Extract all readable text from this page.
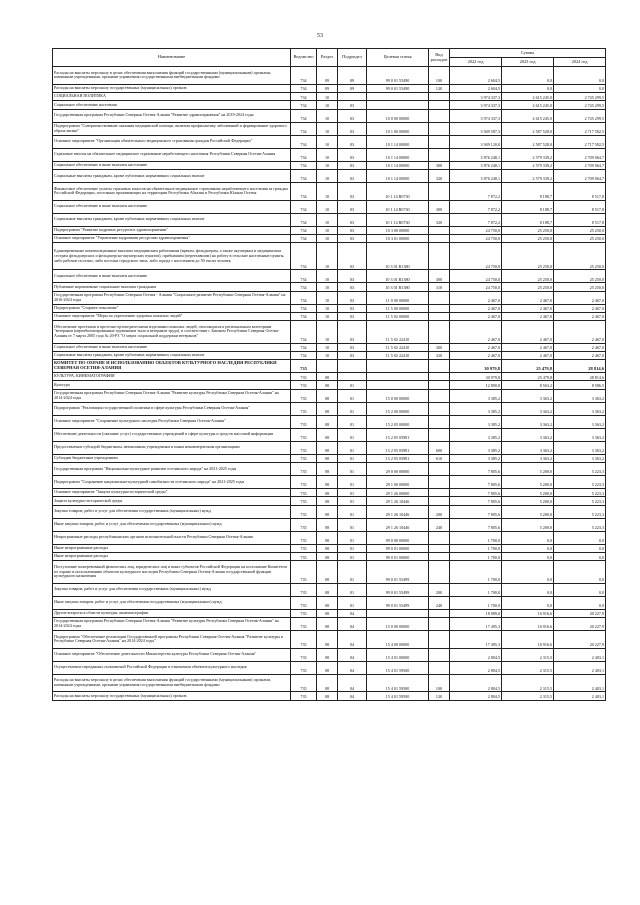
53
Наименование	Ведомство	Раздел	Подраздел	Целевая статья	Вид расходов	Суммы		
						2022 год	2023 год	2024 год
Расходы на выплаты персоналу в целях обеспечения выполнения функций государственными (муниципальными) органами, казенными учреждениями, органами управления государственными внебюджетными фондами	734	09	09	99 0 01 55490	100	2 604,5	0,0	0,0
Расходы на выплаты персоналу государственных (муниципальных) органов	734	09	09	99 0 01 55490	120	2 604,5	0,0	0,0
СОЦИАЛЬНАЯ ПОЛИТИКА	734	10				3 974 337,3	2 615 245,0	2 745 299,5
Социальное обеспечение населения	734	10	03			3 974 337,3	2 615 245,0	2 745 299,5
Государственная программа Республики Северная Осетия-Алания "Развитие здравоохранения" на 2019-2024 годы	734	10	03	10 0 00 00000		3 974 337,3	2 615 245,0	2 745 299,5
Подпрограмма "Совершенствование оказания медицинской помощи, включая профилактику заболеваний и формирование здорового образа жизни"	734	10	03	10 1 00 00000		3 949 587,3	2 587 528,0	2 717 582,5
Основное мероприятие "Организация обязательного медицинского страхования граждан Российской Федерации"	734	10	03	10 1 14 00000		3 949 120,0	2 587 528,0	2 717 582,5
Страховые взносы на обязательное медицинское страхование неработающего населения Республики Северная Осетия-Алания	734	10	03	10 1 14 00000		3 876 248,1	2 579 339,2	2 709 064,7
Социальное обеспечение и иные выплаты населению	734	10	03	10 1 14 00000	300	3 876 248,1	2 579 339,2	2 709 064,7
Социальные выплаты гражданам, кроме публичных нормативных социальных выплат	734	10	03	10 1 14 00000	320	3 876 248,1	2 579 339,2	2 709 064,7
Финансовое обеспечение уплаты страховых взносов на обязательное медицинское страхование неработающего населения за граждан Российской Федерации, постоянно проживающих на территории Республики Абхазия и Республики Южная Осетия	734	10	03	10 1 14 R0730		7 872,2	8 188,7	8 517,8
Социальное обеспечение и иные выплаты населению	734	10	03	10 1 14 R0730	300	7 872,2	8 188,7	8 517,8
Социальные выплаты гражданам, кроме публичных нормативных социальных выплат	734	10	03	10 1 14 R0730	320	7 872,2	8 188,7	8 517,8
Подпрограмма "Развитие кадровых ресурсов в здравоохранении"	734	10	03	10 3 00 00000		24 750,0	25 250,0	25 250,0
Основное мероприятие "Управление кадровыми ресурсами здравоохранения"	734	10	03	10 3 01 00000		24 750,0	25 250,0	25 250,0
Единовременные компенсационные выплаты медицинским работникам (врачам, фельдшерам, а также акушеркам и медицинским сестрам фельдшерских и фельдшерско-акушерских пунктов), прибывшим (переехавшим) на работу в сельские населенные пункты, либо рабочие поселки, либо поселки городского типа, либо города с населением до 50 тысяч человек	734	10	03	10 3 01 R1380		24 750,0	25 250,0	25 250,0
Социальное обеспечение и иные выплаты населению	734	10	03	10 3 01 R1380	300	24 750,0	25 250,0	25 250,0
Публичные нормативные социальные выплаты гражданам	734	10	03	10 3 01 R1380	310	24 750,0	25 250,0	25 250,0
Государственная программа Республики Северная Осетия - Алания "Социальное развитие Республики Северная Осетия-Алания" на 2016-2024 годы	734	10	03	11 0 00 00000		2 467,0	2 467,0	2 467,0
Подпрограмма "Старшее поколение"	734	10	03	11 5 00 00000		2 467,0	2 467,0	2 467,0
Основное мероприятие "Меры по укреплению здоровья пожилых людей"	734	10	03	11 5 02 00000		2 467,0	2 467,0	2 467,0
Обеспечение протезами и протезно-ортопедическими изделиями пожилых людей, относящихся к региональным категориям "ветеранов (нереабилитированных тружеников тыла и ветеранов труда), в соответствии с Законом Республики Северная Осетия-Алания от 7 марта 2005 года № 20-РЗ "О мерах социальной поддержки ветеранов"	734	10	03	11 5 02 22410		2 467,0	2 467,0	2 467,0
Социальное обеспечение и иные выплаты населению	734	10	03	11 5 02 22410	300	2 467,0	2 467,0	2 467,0
Социальные выплаты гражданам, кроме публичных нормативных социальных выплат	734	10	03	11 5 02 22410	320	2 467,0	2 467,0	2 467,0
КОМИТЕТ ПО ОХРАНЕ И ИСПОЛЬЗОВАНИЮ ОБЪЕКТОВ КУЛЬТУРНОГО НАСЛЕДИЯ РЕСПУБЛИКИ СЕВЕРНАЯ ОСЕТИЯ-АЛАНИЯ	735					30 979,8	25 479,8	28 814,6
КУЛЬТУРА, КИНЕМАТОГРАФИЯ	735	08				30 979,8	25 479,8	28 814,6
Культура	735	08	01			12 890,8	8 563,2	8 586,5
Государственная программа Республики Северная Осетия-Алания "Развитие культуры Республики Северная Осетия-Алания" на 2014-2024 годы	735	08	01	15 0 00 00000		3 385,2	3 363,2	3 363,2
Подпрограмма "Реализация государственной политики в сфере культуры Республики Северная Осетия-Алания"	735	08	01	15 2 00 00000		3 385,2	3 363,2	3 363,2
Основное мероприятие "Сохранение культурного наследия Республики Северная Осетия-Алания"	735	08	01	15 2 05 00000		3 385,2	3 363,2	3 363,2
Обеспечение деятельности (оказание услуг) государственных учреждений в сфере культуры и средств массовой информации	735	08	01	15 2 05 05981		3 385,2	3 363,2	3 363,2
Предоставление субсидий бюджетным, автономным учреждениям и иным некоммерческим организациям	735	08	01	15 2 05 05981	600	3 385,2	3 363,2	3 363,2
Субсидии бюджетным учреждениям	735	08	01	15 2 05 05981	610	3 385,2	3 363,2	3 363,2
Государственная программа "Национально-культурное развитие осетинского народа" на 2021-2025 годы	735	08	01	29 0 00 00000		7 805,6	5 200,0	5 223,3
Подпрограмма "Сохранение национально-культурной самобытности осетинского народа" на 2021-2025 годы	735	08	01	29 1 00 00000		7 805,6	5 200,0	5 223,3
Основное мероприятие "Защита культурно-исторической среды"	735	08	01	29 1 26 00000		7 805,6	5 200,0	5 223,3
Защита культурно-исторической среды	735	08	01	29 1 26 10446		7 805,6	5 200,0	5 223,3
Закупка товаров, работ и услуг для обеспечения государственных (муниципальных) нужд	735	08	01	29 1 26 10446	200	7 805,6	5 200,0	5 223,3
Иные закупки товаров, работ и услуг для обеспечения государственных (муниципальных) нужд	735	08	01	29 1 26 10446	240	7 805,6	5 200,0	5 223,3
Непрограммные расходы республиканских органов исполнительной власти Республики Северная Осетия-Алания	735	08	01	99 0 00 00000		1 700,0	0,0	0,0
Иные непрограммные расходы	735	08	01	99 0 01 00000		1 700,0	0,0	0,0
Иные непрограммные расходы	735	08	01	99 0 01 00000		1 700,0	0,0	0,0
Поступление пожертвований физических лиц, юридических лиц и иных субъектов Российской Федерации на исполнение Комитетом по охране и использованию объектов культурного наследия Республики Северная Осетия-Алания государственной функции культурного назначения	735	08	01	99 0 01 55499		1 700,0	0,0	0,0
Закупка товаров, работ и услуг для обеспечения государственных (муниципальных) нужд	735	08	01	99 0 01 55499	200	1 700,0	0,0	0,0
Иные закупки товаров, работ и услуг для обеспечения государственных (муниципальных) нужд	735	08	01	99 0 01 55499	240	1 700,0	0,0	0,0
Другие вопросы в области культуры, кинематографии	735	08	04			18 089,0	16 916,6	20 227,9
Государственная программа Республики Северная Осетия-Алания "Развитие культуры Республики Северная Осетия-Алания" на 2014-2024 годы	735	08	04	15 0 00 00000		17 495,3	16 916,6	20 227,9
Подпрограмма "Обеспечение реализации Государственной программы Республики Северная Осетия-Алания "Развитие культуры в Республике Северная Осетия-Алания" на 2014-2024 годы"	735	08	04	15 4 00 00000		17 495,3	16 916,6	20 227,9
Основное мероприятие "Обеспечение деятельности Министерства культуры Республики Северная Осетия-Алания"	735	08	04	15 4 01 00000		2 804,5	2 315,5	2 403,1
Осуществление переданных полномочий Российской Федерации в отношении объектов культурного наследия	735	08	04	15 4 01 59500		2 804,5	2 315,5	2 403,1
Расходы на выплаты персоналу в целях обеспечения выполнения функций государственными (муниципальными) органами, казенными учреждениями, органами управления государственными внебюджетными фондами	735	08	04	15 4 01 59500	100	2 804,5	2 315,5	2 403,1
Расходы на выплаты персоналу государственных (муниципальных) органов	735	08	04	15 4 01 59500	120	2 804,5	2 315,5	2 403,1
